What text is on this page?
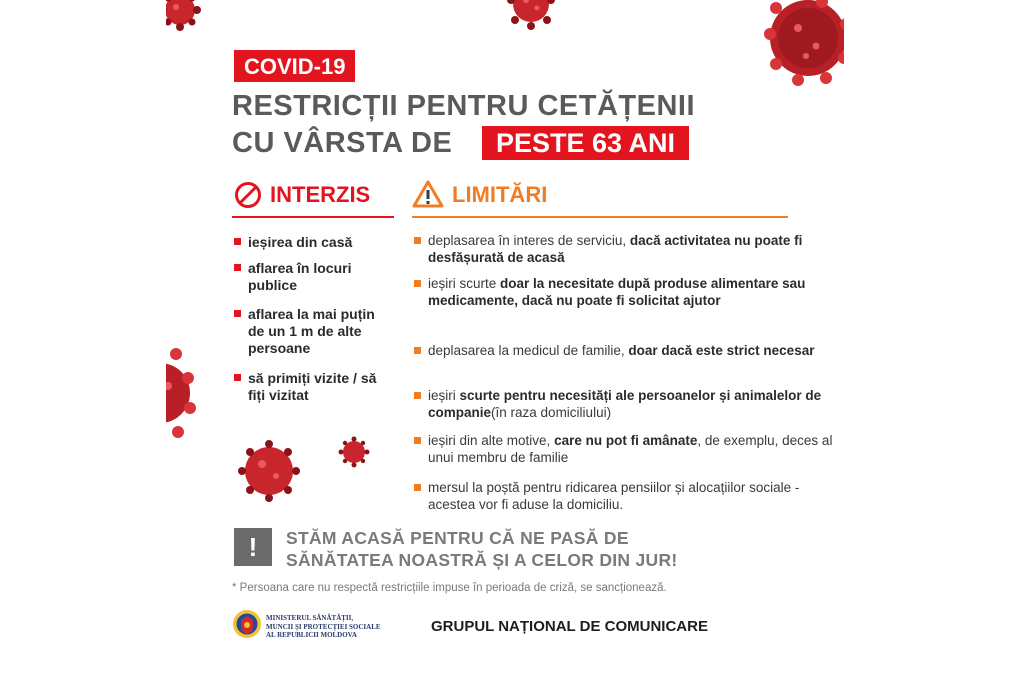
COVID-19
RESTRICȚII PENTRU CETĂȚENII
CU VÂRSTA DE	PESTE 63 ANI
INTERZIS
ieșirea din casă
aflarea în locuri publice
aflarea la mai puțin de un 1 m de alte persoane
să primiți vizite / să fiți vizitat
LIMITĂRI
deplasarea în interes de serviciu, dacă activitatea nu poate fi desfășurată de acasă
ieșiri scurte doar la necesitate după produse alimentare sau medicamente, dacă nu poate fi solicitat ajutor
deplasarea la medicul de familie, doar dacă este strict necesar
ieșiri scurte pentru necesități ale persoanelor și animalelor de companie(în raza domiciliului)
ieșiri din alte motive, care nu pot fi amânate, de exemplu, deces al unui membru de familie
mersul la poștă pentru ridicarea pensiilor și alocațiilor sociale - acestea vor fi aduse la domiciliu.
!	STĂM ACASĂ PENTRU CĂ NE PASĂ DE
SĂNĂTATEA NOASTRĂ ȘI A CELOR DIN JUR!
* Persoana care nu respectă restricțiile impuse în perioada de criză, se sancționează.
MINISTERUL SĂNĂTĂȚII,
MUNCII ȘI PROTECȚIEI SOCIALE
AL REPUBLICII MOLDOVA	GRUPUL NAȚIONAL DE COMUNICARE
